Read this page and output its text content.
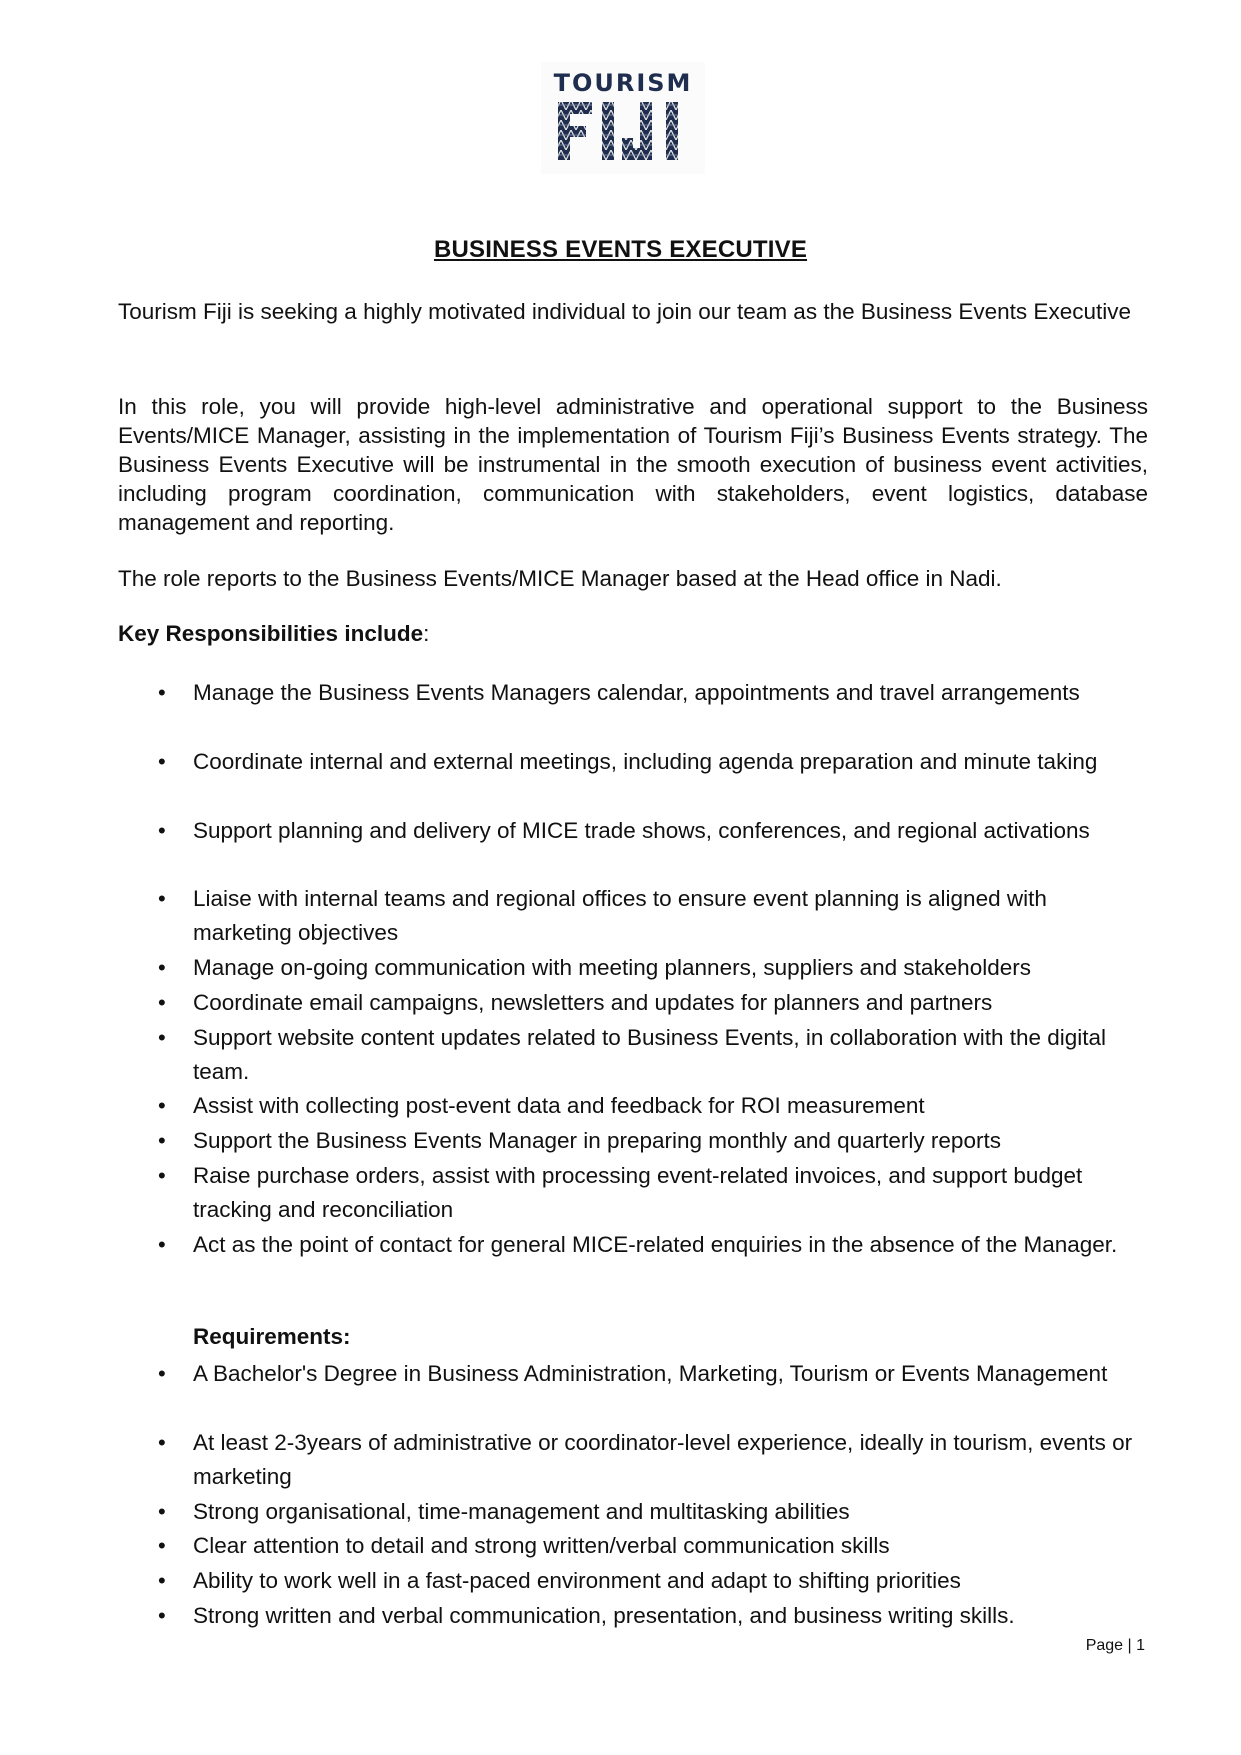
TOURISM
BUSINESS EVENTS EXECUTIVE

Tourism Fiji is seeking a highly motivated individual to join our team as the Business Events Executive

In this role, you will provide high-level administrative and operational support to the Business Events/MICE Manager, assisting in the implementation of Tourism Fiji’s Business Events strategy. The Business Events Executive will be instrumental in the smooth execution of business event activities, including program coordination, communication with stakeholders, event logistics, database management and reporting.

The role reports to the Business Events/MICE Manager based at the Head office in Nadi.

Key Responsibilities include:

• Manage the Business Events Managers calendar, appointments and travel arrangements

• Coordinate internal and external meetings, including agenda preparation and minute taking

• Support planning and delivery of MICE trade shows, conferences, and regional activations

• Liaise with internal teams and regional offices to ensure event planning is aligned with marketing objectives

• Manage on-going communication with meeting planners, suppliers and stakeholders

• Coordinate email campaigns, newsletters and updates for planners and partners

• Support website content updates related to Business Events, in collaboration with the digital team.

• Assist with collecting post-event data and feedback for ROI measurement

• Support the Business Events Manager in preparing monthly and quarterly reports

• Raise purchase orders, assist with processing event-related invoices, and support budget tracking and reconciliation

• Act as the point of contact for general MICE-related enquiries in the absence of the Manager.

Requirements:
• A Bachelor's Degree in Business Administration, Marketing, Tourism or Events Management

• At least 2-3years of administrative or coordinator-level experience, ideally in tourism, events or marketing

• Strong organisational, time-management and multitasking abilities

• Clear attention to detail and strong written/verbal communication skills

• Ability to work well in a fast-paced environment and adapt to shifting priorities

• Strong written and verbal communication, presentation, and business writing skills.

Page | 1
